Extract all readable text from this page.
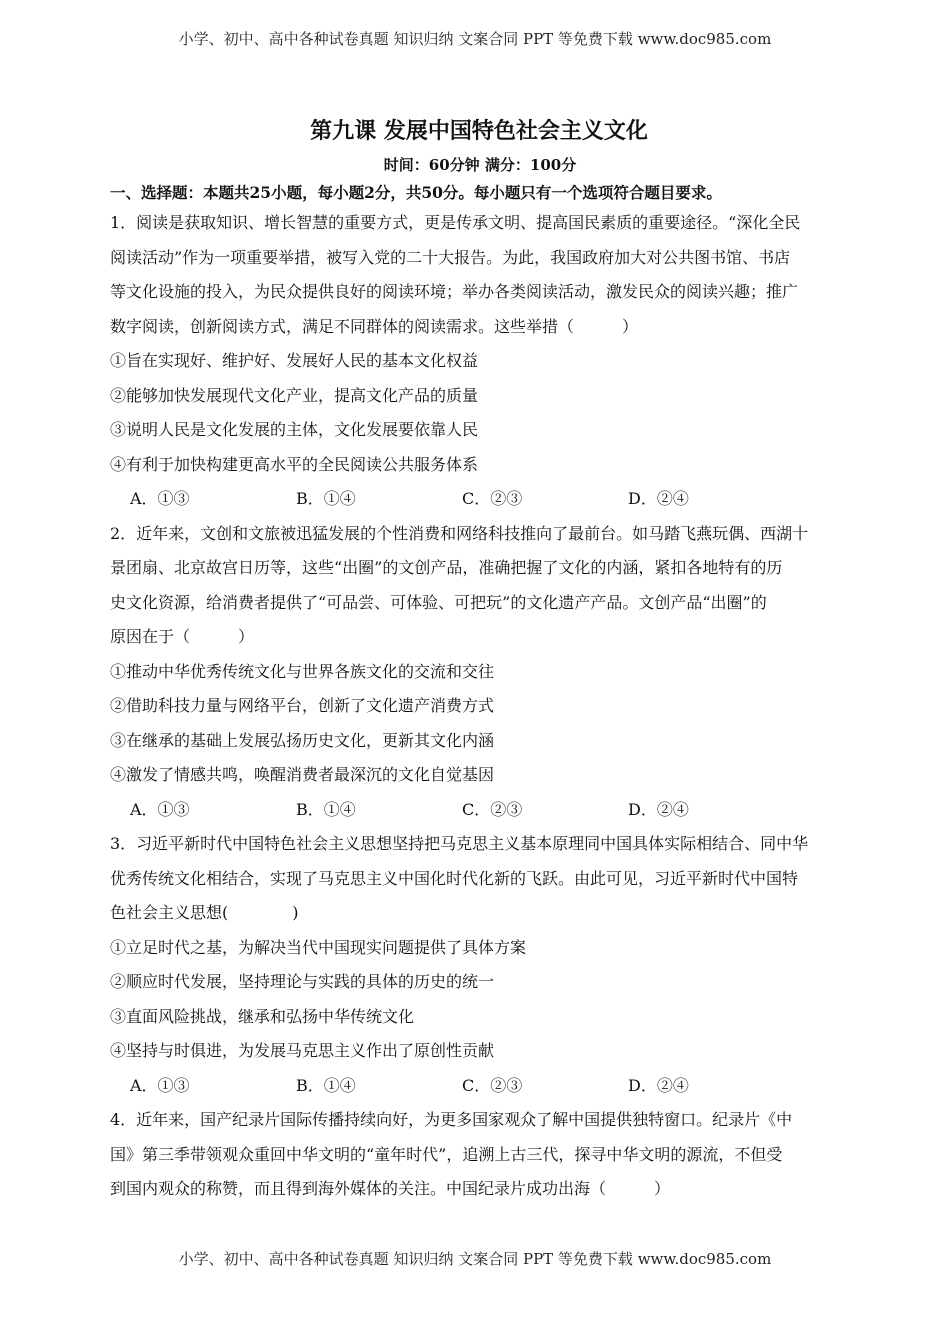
小学、初中、高中各种试卷真题 知识归纳 文案合同 PPT 等免费下载 www.doc985.com
第九课 发展中国特色社会主义文化
时间：60分钟 满分：100分
一、选择题：本题共25小题，每小题2分，共50分。每小题只有一个选项符合题目要求。
1．阅读是获取知识、增长智慧的重要方式，更是传承文明、提高国民素质的重要途径。“深化全民
阅读活动”作为一项重要举措，被写入党的二十大报告。为此，我国政府加大对公共图书馆、书店
等文化设施的投入，为民众提供良好的阅读环境；举办各类阅读活动，激发民众的阅读兴趣；推广
数字阅读，创新阅读方式，满足不同群体的阅读需求。这些举措（　　　）
①旨在实现好、维护好、发展好人民的基本文化权益
②能够加快发展现代文化产业，提高文化产品的质量
③说明人民是文化发展的主体，文化发展要依靠人民
④有利于加快构建更高水平的全民阅读公共服务体系
A．①③	B．①④	C．②③	D．②④
2．近年来，文创和文旅被迅猛发展的个性消费和网络科技推向了最前台。如马踏飞燕玩偶、西湖十
景团扇、北京故宫日历等，这些“出圈”的文创产品，准确把握了文化的内涵，紧扣各地特有的历
史文化资源，给消费者提供了“可品尝、可体验、可把玩”的文化遗产产品。文创产品“出圈”的
原因在于（　　　）
①推动中华优秀传统文化与世界各族文化的交流和交往
②借助科技力量与网络平台，创新了文化遗产消费方式
③在继承的基础上发展弘扬历史文化，更新其文化内涵
④激发了情感共鸣，唤醒消费者最深沉的文化自觉基因
A．①③	B．①④	C．②③	D．②④
3．习近平新时代中国特色社会主义思想坚持把马克思主义基本原理同中国具体实际相结合、同中华
优秀传统文化相结合，实现了马克思主义中国化时代化新的飞跃。由此可见，习近平新时代中国特
色社会主义思想(　　　　)
①立足时代之基，为解决当代中国现实问题提供了具体方案
②顺应时代发展，坚持理论与实践的具体的历史的统一
③直面风险挑战，继承和弘扬中华传统文化
④坚持与时俱进，为发展马克思主义作出了原创性贡献
A．①③	B．①④	C．②③	D．②④
4．近年来，国产纪录片国际传播持续向好，为更多国家观众了解中国提供独特窗口。纪录片《中
国》第三季带领观众重回中华文明的“童年时代”，追溯上古三代，探寻中华文明的源流，不但受
到国内观众的称赞，而且得到海外媒体的关注。中国纪录片成功出海（　　　）
小学、初中、高中各种试卷真题 知识归纳 文案合同 PPT 等免费下载 www.doc985.com
